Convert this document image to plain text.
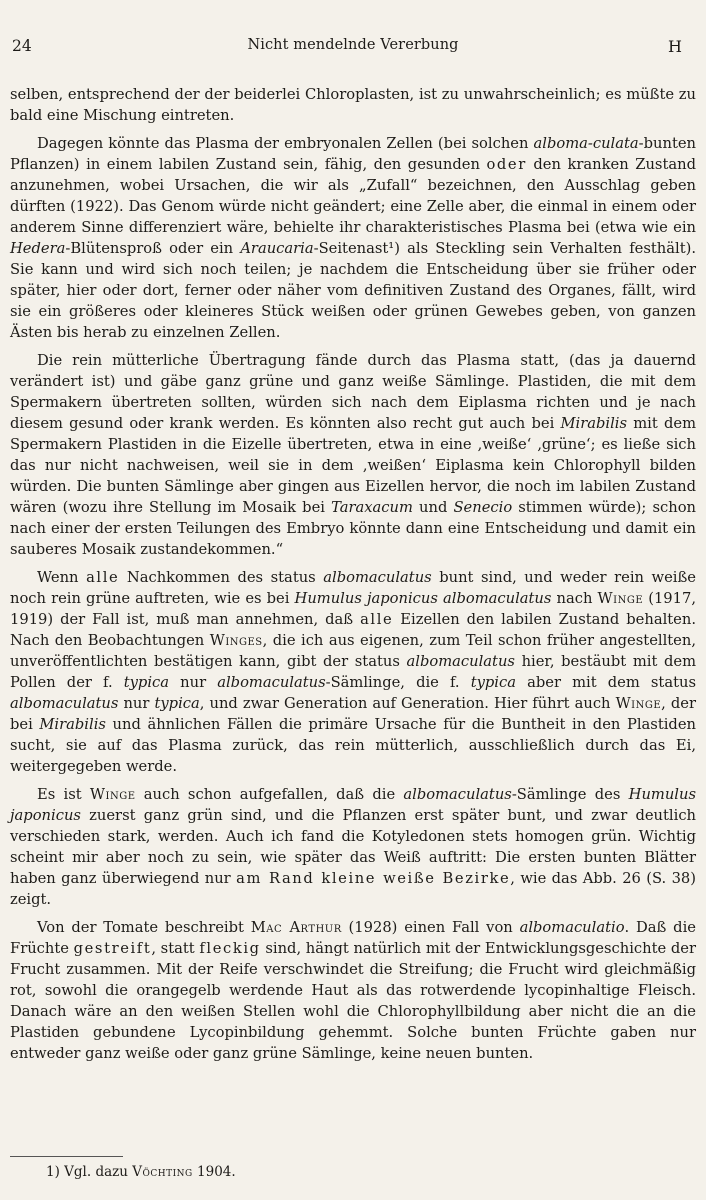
24	Nicht mendelnde Vererbung	H

selben, entsprechend der der beiderlei Chloroplasten, ist zu unwahrscheinlich; es müßte zu bald eine Mischung eintreten.

Dagegen könnte das Plasma der embryonalen Zellen (bei solchen alboma-culata-bunten Pflanzen) in einem labilen Zustand sein, fähig, den gesunden oder den kranken Zustand anzunehmen, wobei Ursachen, die wir als „Zufall“ bezeichnen, den Ausschlag geben dürften (1922). Das Genom würde nicht geändert; eine Zelle aber, die einmal in einem oder anderem Sinne differenziert wäre, behielte ihr charakteristisches Plasma bei (etwa wie ein Hedera-Blütensproß oder ein Araucaria-Seitenast¹) als Steckling sein Verhalten festhält). Sie kann und wird sich noch teilen; je nachdem die Entscheidung über sie früher oder später, hier oder dort, ferner oder näher vom definitiven Zustand des Organes, fällt, wird sie ein größeres oder kleineres Stück weißen oder grünen Gewebes geben, von ganzen Ästen bis herab zu einzelnen Zellen.

Die rein mütterliche Übertragung fände durch das Plasma statt, (das ja dauernd verändert ist) und gäbe ganz grüne und ganz weiße Sämlinge. Plastiden, die mit dem Spermakern übertreten sollten, würden sich nach dem Eiplasma richten und je nach diesem gesund oder krank werden. Es könnten also recht gut auch bei Mirabilis mit dem Spermakern Plastiden in die Eizelle übertreten, etwa in eine ‚weiße‘ ‚grüne‘; es ließe sich das nur nicht nachweisen, weil sie in dem ‚weißen‘ Eiplasma kein Chlorophyll bilden würden. Die bunten Sämlinge aber gingen aus Eizellen hervor, die noch im labilen Zustand wären (wozu ihre Stellung im Mosaik bei Taraxacum und Senecio stimmen würde); schon nach einer der ersten Teilungen des Embryo könnte dann eine Entscheidung und damit ein sauberes Mosaik zustandekommen.“

Wenn alle Nachkommen des status albomaculatus bunt sind, und weder rein weiße noch rein grüne auftreten, wie es bei Humulus japonicus albomaculatus nach Winge (1917, 1919) der Fall ist, muß man annehmen, daß alle Eizellen den labilen Zustand behalten. Nach den Beobachtungen Winges, die ich aus eigenen, zum Teil schon früher angestellten, unveröffentlichten bestätigen kann, gibt der status albomaculatus hier, bestäubt mit dem Pollen der f. typica nur albomaculatus-Sämlinge, die f. typica aber mit dem status albomaculatus nur typica, und zwar Generation auf Generation. Hier führt auch Winge, der bei Mirabilis und ähnlichen Fällen die primäre Ursache für die Buntheit in den Plastiden sucht, sie auf das Plasma zurück, das rein mütterlich, ausschließlich durch das Ei, weitergegeben werde.

Es ist Winge auch schon aufgefallen, daß die albomaculatus-Sämlinge des Humulus japonicus zuerst ganz grün sind, und die Pflanzen erst später bunt, und zwar deutlich verschieden stark, werden. Auch ich fand die Kotyledonen stets homogen grün. Wichtig scheint mir aber noch zu sein, wie später das Weiß auftritt: Die ersten bunten Blätter haben ganz überwiegend nur am Rand kleine weiße Bezirke, wie das Abb. 26 (S. 38) zeigt.

Von der Tomate beschreibt Mac Arthur (1928) einen Fall von albomaculatio. Daß die Früchte gestreift, statt fleckig sind, hängt natürlich mit der Entwicklungsgeschichte der Frucht zusammen. Mit der Reife verschwindet die Streifung; die Frucht wird gleichmäßig rot, sowohl die orangegelb werdende Haut als das rotwerdende lycopinhaltige Fleisch. Danach wäre an den weißen Stellen wohl die Chlorophyllbildung aber nicht die an die Plastiden gebundene Lycopinbildung gehemmt. Solche bunten Früchte gaben nur entweder ganz weiße oder ganz grüne Sämlinge, keine neuen bunten.

1) Vgl. dazu Vöchting 1904.
